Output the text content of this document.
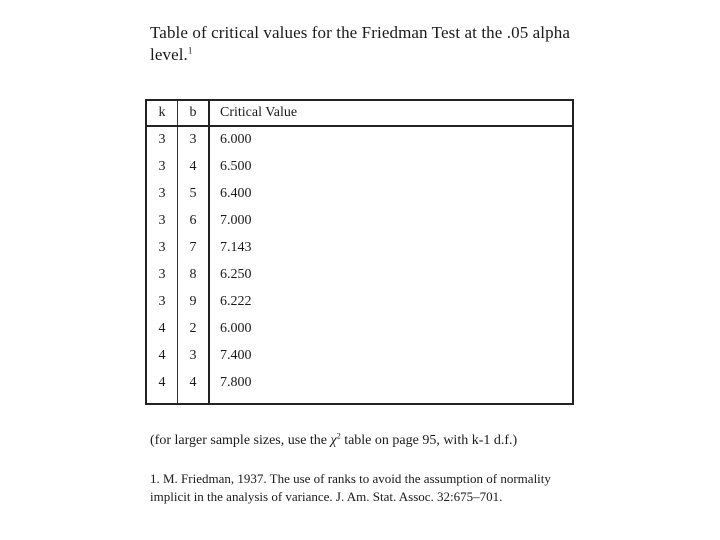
Table of critical values for the Friedman Test at the .05 alpha level.$^1$
k	b	Critical Value
3	3	6.000
3	4	6.500
3	5	6.400
3	6	7.000
3	7	7.143
3	8	6.250
3	9	6.222
4	2	6.000
4	3	7.400
4	4	7.800
(for larger sample sizes, use the $\chi^2$ table on page 95, with k-1 d.f.)
1. M. Friedman, 1937. The use of ranks to avoid the assumption of normality
implicit in the analysis of variance. J. Am. Stat. Assoc. 32:675–701.
